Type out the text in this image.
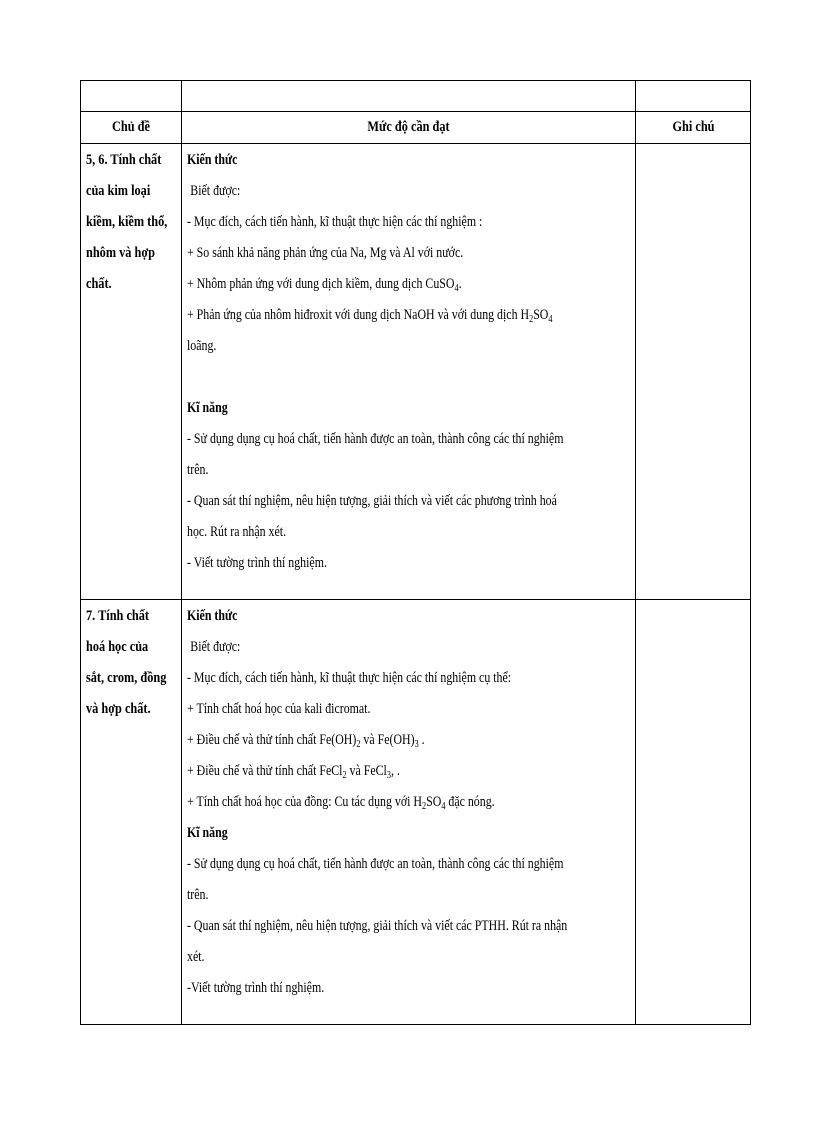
Chủ đề	Mức độ cần đạt	Ghi chú
5, 6. Tính chất
của kim loại
kiềm, kiềm thổ,
nhôm và hợp
chất.
Kiến thức
Biết được:
- Mục đích, cách tiến hành, kĩ thuật thực hiện các thí nghiệm :
+ So sánh khả năng phản ứng của Na, Mg và Al với nước.
+ Nhôm phản ứng với dung dịch kiềm, dung dịch CuSO$_4$.
+ Phản ứng của nhôm hiđroxit với dung dịch NaOH và với dung dịch $H_2SO_4$
loãng.
Kĩ năng
- Sử dụng dụng cụ hoá chất, tiến hành được an toàn, thành công các thí nghiệm
trên.
- Quan sát thí nghiệm, nêu hiện tượng, giải thích và viết các phương trình hoá
học. Rút ra nhận xét.
- Viết tường trình thí nghiệm.
7. Tính chất
hoá học của
sắt, crom, đồng
và hợp chất.
Kiến thức
Biết được:
- Mục đích, cách tiến hành, kĩ thuật thực hiện các thí nghiệm cụ thể:
+ Tính chất hoá học của kali đicromat.
+ Điều chế và thử tính chất $Fe(OH)_2$ và $Fe(OH)_3$ .
+ Điều chế và thử tính chất FeCl$_2$ và FeCl$_3$, .
+ Tính chất hoá học của đồng: Cu tác dụng với $H_2SO_4$ đặc nóng.
Kĩ năng
- Sử dụng dụng cụ hoá chất, tiến hành được an toàn, thành công các thí nghiệm
trên.
- Quan sát thí nghiệm, nêu hiện tượng, giải thích và viết các PTHH. Rút ra nhận
xét.
-Viết tường trình thí nghiệm.
